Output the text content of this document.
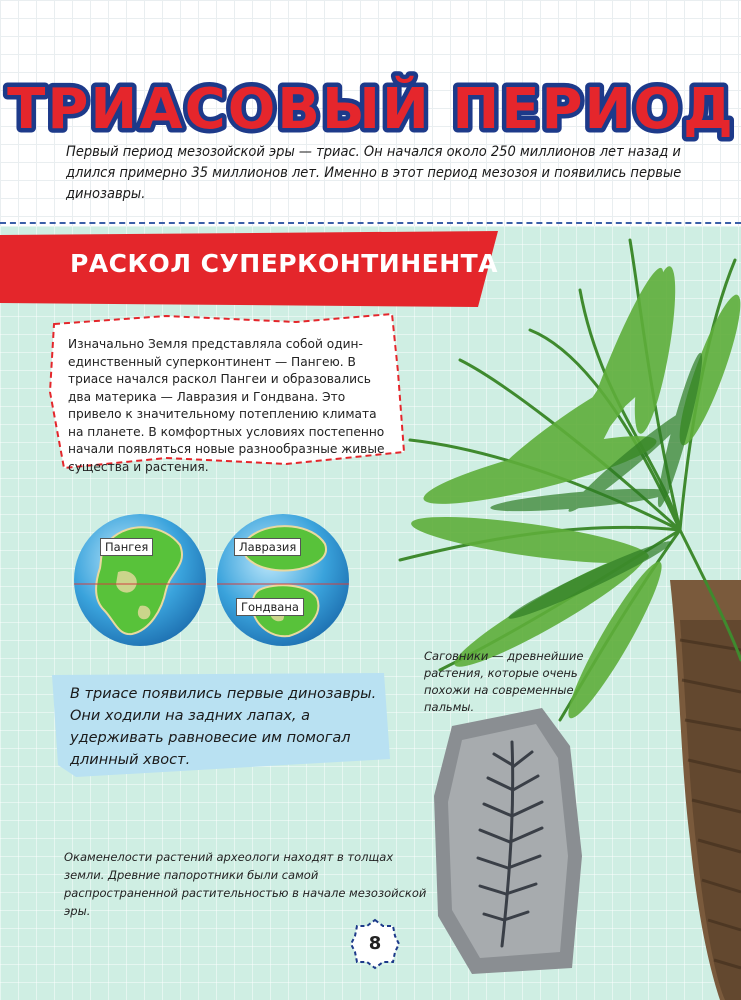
ТРИАСОВЫЙ ПЕРИОД

Первый период мезозойской эры — триас. Он начался около 250 миллионов лет назад и длился примерно 35 миллионов лет. Именно в этот период мезозоя и появились первые динозавры.

РАСКОЛ СУПЕРКОНТИНЕНТА

Изначально Земля представляла собой один-единственный суперконтинент — Пангею. В триасе начался раскол Пангеи и образовались два материка — Лавразия и Гондвана. Это привело к значительному потеплению климата на планете. В комфортных условиях постепенно начали появляться новые разнообразные живые существа и растения.

Пангея	Лавразия
Гондвана

Саговники — древнейшие растения, которые очень похожи на современные пальмы.

В триасе появились первые динозавры. Они ходили на задних лапах, а удерживать равновесие им помогал длинный хвост.

Окаменелости растений археологи находят в толщах земли. Древние папоротники были самой распространенной растительностью в начале мезозойской эры.

8
